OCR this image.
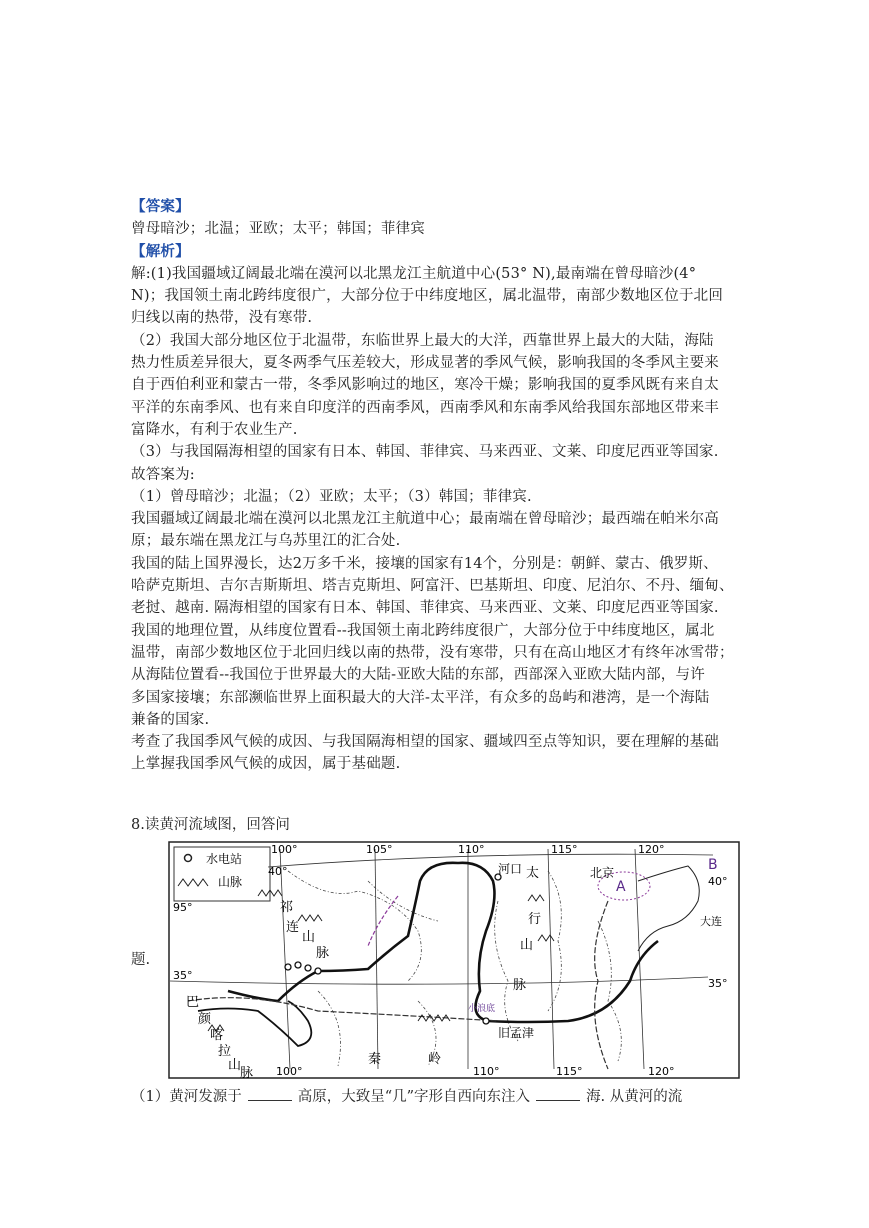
【答案】
曾母暗沙；北温；亚欧；太平；韩国；菲律宾
【解析】
解:(1)我国疆域辽阔最北端在漠河以北黑龙江主航道中心(53° N),最南端在曾母暗沙(4°
N)；我国领土南北跨纬度很广，大部分位于中纬度地区，属北温带，南部少数地区位于北回
归线以南的热带，没有寒带.
（2）我国大部分地区位于北温带，东临世界上最大的大洋，西靠世界上最大的大陆，海陆
热力性质差异很大，夏冬两季气压差较大，形成显著的季风气候，影响我国的冬季风主要来
自于西伯利亚和蒙古一带，冬季风影响过的地区，寒冷干燥；影响我国的夏季风既有来自太
平洋的东南季风、也有来自印度洋的西南季风，西南季风和东南季风给我国东部地区带来丰
富降水，有利于农业生产.
（3）与我国隔海相望的国家有日本、韩国、菲律宾、马来西亚、文莱、印度尼西亚等国家.
故答案为:
（1）曾母暗沙；北温；（2）亚欧；太平；（3）韩国；菲律宾.
我国疆域辽阔最北端在漠河以北黑龙江主航道中心；最南端在曾母暗沙；最西端在帕米尔高
原；最东端在黑龙江与乌苏里江的汇合处.
我国的陆上国界漫长，达2万多千米，接壤的国家有14个，分别是：朝鲜、蒙古、俄罗斯、
哈萨克斯坦、吉尔吉斯斯坦、塔吉克斯坦、阿富汗、巴基斯坦、印度、尼泊尔、不丹、缅甸、
老挝、越南. 隔海相望的国家有日本、韩国、菲律宾、马来西亚、文莱、印度尼西亚等国家.
我国的地理位置，从纬度位置看--我国领土南北跨纬度很广，大部分位于中纬度地区，属北
温带，南部少数地区位于北回归线以南的热带，没有寒带，只有在高山地区才有终年冰雪带；
从海陆位置看--我国位于世界最大的大陆-亚欧大陆的东部，西部深入亚欧大陆内部，与许
多国家接壤；东部濒临世界上面积最大的大洋-太平洋，有众多的岛屿和港湾，是一个海陆
兼备的国家.
考查了我国季风气候的成因、与我国隔海相望的国家、疆域四至点等知识，要在理解的基础
上掌握我国季风气候的成因，属于基础题.
8.读黄河流域图，回答问
题.
水电站
山脉
100°	105°	110°	115°	120°
100°	110°	115°	120°
40°
35°
95°
35°
40°
祁
连
山
脉
太
行
山
脉
巴
颜
喀
拉
山
脉
秦	岭
河口	北京
大连
小浪底
旧孟津
A
B
（1）黄河发源于	高原，大致呈“几”字形自西向东注入	海. 从黄河的流
